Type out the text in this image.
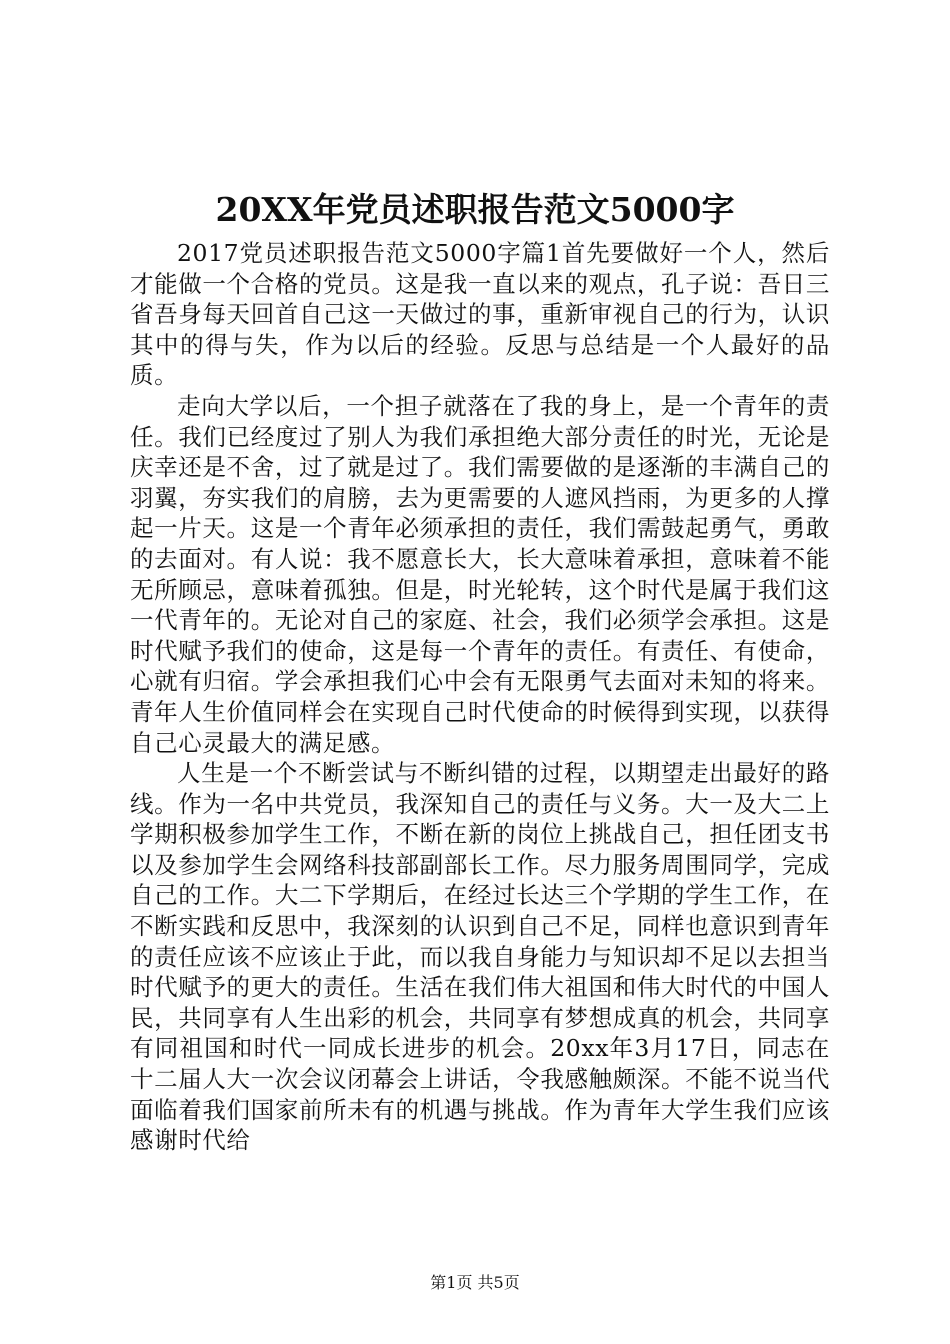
20XX年党员述职报告范文5000字

2017党员述职报告范文5000字篇1首先要做好一个人，然后才能做一个合格的党员。这是我一直以来的观点，孔子说：吾日三省吾身每天回首自己这一天做过的事，重新审视自己的行为，认识其中的得与失，作为以后的经验。反思与总结是一个人最好的品质。

走向大学以后，一个担子就落在了我的身上，是一个青年的责任。我们已经度过了别人为我们承担绝大部分责任的时光，无论是庆幸还是不舍，过了就是过了。我们需要做的是逐渐的丰满自己的羽翼，夯实我们的肩膀，去为更需要的人遮风挡雨，为更多的人撑起一片天。这是一个青年必须承担的责任，我们需鼓起勇气，勇敢的去面对。有人说：我不愿意长大，长大意味着承担，意味着不能无所顾忌，意味着孤独。但是，时光轮转，这个时代是属于我们这一代青年的。无论对自己的家庭、社会，我们必须学会承担。这是时代赋予我们的使命，这是每一个青年的责任。有责任、有使命，心就有归宿。学会承担我们心中会有无限勇气去面对未知的将来。青年人生价值同样会在实现自己时代使命的时候得到实现，以获得自己心灵最大的满足感。

人生是一个不断尝试与不断纠错的过程，以期望走出最好的路线。作为一名中共党员，我深知自己的责任与义务。大一及大二上学期积极参加学生工作，不断在新的岗位上挑战自己，担任团支书以及参加学生会网络科技部副部长工作。尽力服务周围同学，完成自己的工作。大二下学期后，在经过长达三个学期的学生工作，在不断实践和反思中，我深刻的认识到自己不足，同样也意识到青年的责任应该不应该止于此，而以我自身能力与知识却不足以去担当时代赋予的更大的责任。生活在我们伟大祖国和伟大时代的中国人民，共同享有人生出彩的机会，共同享有梦想成真的机会，共同享有同祖国和时代一同成长进步的机会。20xx年3月17日，同志在十二届人大一次会议闭幕会上讲话，令我感触颇深。不能不说当代面临着我们国家前所未有的机遇与挑战。作为青年大学生我们应该感谢时代给

第1页 共5页
